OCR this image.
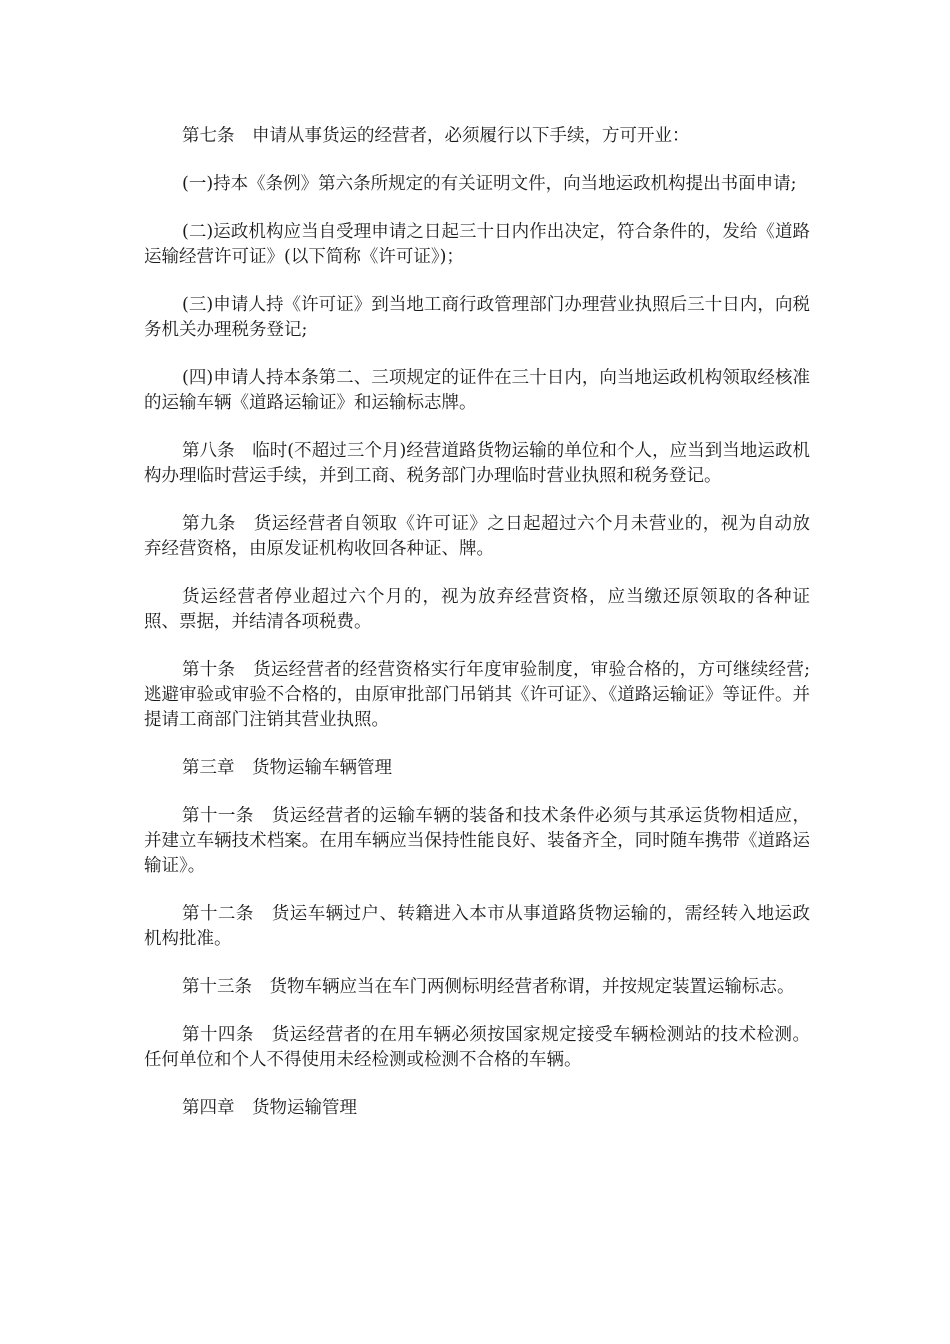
第七条　申请从事货运的经营者，必须履行以下手续，方可开业：

(一)持本《条例》第六条所规定的有关证明文件，向当地运政机构提出书面申请;

(二)运政机构应当自受理申请之日起三十日内作出决定，符合条件的，发给《道路运输经营许可证》(以下简称《许可证》)；

(三)申请人持《许可证》到当地工商行政管理部门办理营业执照后三十日内，向税务机关办理税务登记;

(四)申请人持本条第二、三项规定的证件在三十日内，向当地运政机构领取经核准的运输车辆《道路运输证》和运输标志牌。

第八条　临时(不超过三个月)经营道路货物运输的单位和个人，应当到当地运政机构办理临时营运手续，并到工商、税务部门办理临时营业执照和税务登记。

第九条　货运经营者自领取《许可证》之日起超过六个月未营业的，视为自动放弃经营资格，由原发证机构收回各种证、牌。

货运经营者停业超过六个月的，视为放弃经营资格，应当缴还原领取的各种证照、票据，并结清各项税费。

第十条　货运经营者的经营资格实行年度审验制度，审验合格的，方可继续经营;逃避审验或审验不合格的，由原审批部门吊销其《许可证》、《道路运输证》等证件。并提请工商部门注销其营业执照。

第三章　货物运输车辆管理

第十一条　货运经营者的运输车辆的装备和技术条件必须与其承运货物相适应，并建立车辆技术档案。在用车辆应当保持性能良好、装备齐全，同时随车携带《道路运输证》。

第十二条　货运车辆过户、转籍进入本市从事道路货物运输的，需经转入地运政机构批准。

第十三条　货物车辆应当在车门两侧标明经营者称谓，并按规定装置运输标志。

第十四条　货运经营者的在用车辆必须按国家规定接受车辆检测站的技术检测。任何单位和个人不得使用未经检测或检测不合格的车辆。

第四章　货物运输管理
